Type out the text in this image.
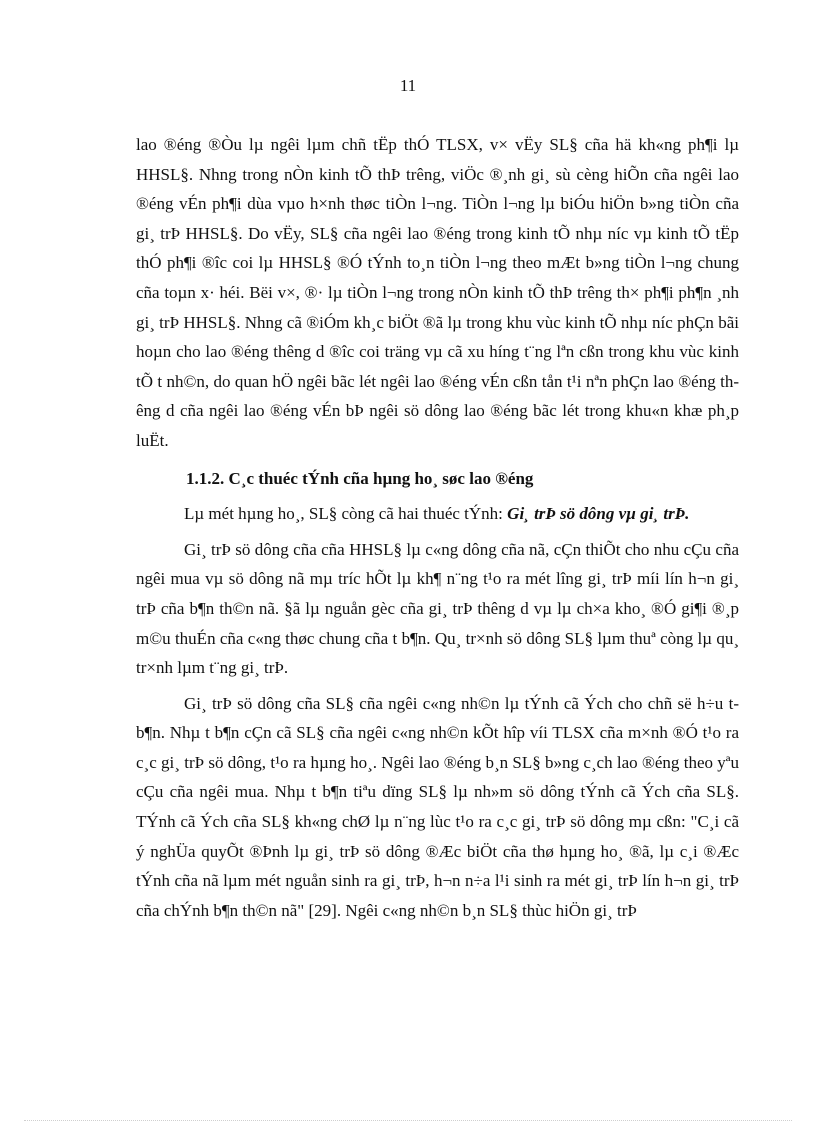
11

lao ®éng ®Òu lµ ngêi lµm chñ tËp thÓ TLSX, v× vËy SL§ cña hä kh«ng ph¶i lµ HHSL§. Nhng trong nÒn kinh tÕ thÞ trêng, viÖc ®¸nh gi¸ sù cèng hiÕn cña ngêi lao ®éng vÉn ph¶i dùa vµo h×nh thøc tiÒn l¬ng. TiÒn l¬ng lµ biÓu hiÖn b»ng tiÒn cña gi¸ trÞ HHSL§. Do vËy, SL§ cña ngêi lao ®éng trong kinh tÕ nhµ níc vµ kinh tÕ tËp thÓ ph¶i ®îc coi lµ HHSL§ ®Ó tÝnh to¸n tiÒn l¬ng theo mÆt b»ng tiÒn l¬ng chung cña toµn x· héi. Bëi v×, ®· lµ tiÒn l¬ng trong nÒn kinh tÕ thÞ trêng th× ph¶i ph¶n ¸nh gi¸ trÞ HHSL§. Nhng cã ®iÓm kh¸c biÖt ®ã lµ trong khu vùc kinh tÕ nhµ níc phÇn bãi hoµn cho lao ®éng thêng d ®îc coi träng vµ cã xu híng t¨ng lªn cßn trong khu vùc kinh tÕ t nh©n, do quan hÖ ngêi bãc lét ngêi lao ®éng vÉn cßn tån t¹i nªn phÇn lao ®éng thêng d cña ngêi lao ®éng vÉn bÞ ngêi sö dông lao ®éng bãc lét trong khu«n khæ ph¸p luËt.

1.1.2. C¸c thuéc tÝnh cña hµng ho¸ søc lao ®éng

Lµ mét hµng ho¸, SL§ còng cã hai thuéc tÝnh: Gi¸ trÞ sö dông vµ gi¸ trÞ.

Gi¸ trÞ sö dông cña cña HHSL§ lµ c«ng dông cña nã, cÇn thiÕt cho nhu cÇu cña ngêi mua vµ sö dông nã mµ tríc hÕt lµ kh¶ n¨ng t¹o ra mét lîng gi¸ trÞ míi lín h¬n gi¸ trÞ cña b¶n th©n nã. §ã lµ nguån gèc cña gi¸ trÞ thêng d vµ lµ ch×a kho¸ ®Ó gi¶i ®¸p m©u thuÉn cña c«ng thøc chung cña t b¶n. Qu¸ tr×nh sö dông SL§ lµm thuª còng lµ qu¸ tr×nh lµm t¨ng gi¸ trÞ.

Gi¸ trÞ sö dông cña SL§ cña ngêi c«ng nh©n lµ tÝnh cã Ých cho chñ së h÷u t b¶n. Nhµ t b¶n cÇn cã SL§ cña ngêi c«ng nh©n kÕt hîp víi TLSX cña m×nh ®Ó t¹o ra c¸c gi¸ trÞ sö dông, t¹o ra hµng ho¸. Ngêi lao ®éng b¸n SL§ b»ng c¸ch lao ®éng theo yªu cÇu cña ngêi mua. Nhµ t b¶n tiªu dïng SL§ lµ nh»m sö dông tÝnh cã Ých cña SL§. TÝnh cã Ých cña SL§ kh«ng chØ lµ n¨ng lùc t¹o ra c¸c gi¸ trÞ sö dông mµ cßn: "C¸i cã ý nghÜa quyÕt ®Þnh lµ gi¸ trÞ sö dông ®Æc biÖt cña thø hµng ho¸ ®ã, lµ c¸i ®Æc tÝnh cña nã lµm mét nguån sinh ra gi¸ trÞ, h¬n n÷a l¹i sinh ra mét gi¸ trÞ lín h¬n gi¸ trÞ cña chÝnh b¶n th©n nã" [29]. Ngêi c«ng nh©n b¸n SL§ thùc hiÖn gi¸ trÞ
